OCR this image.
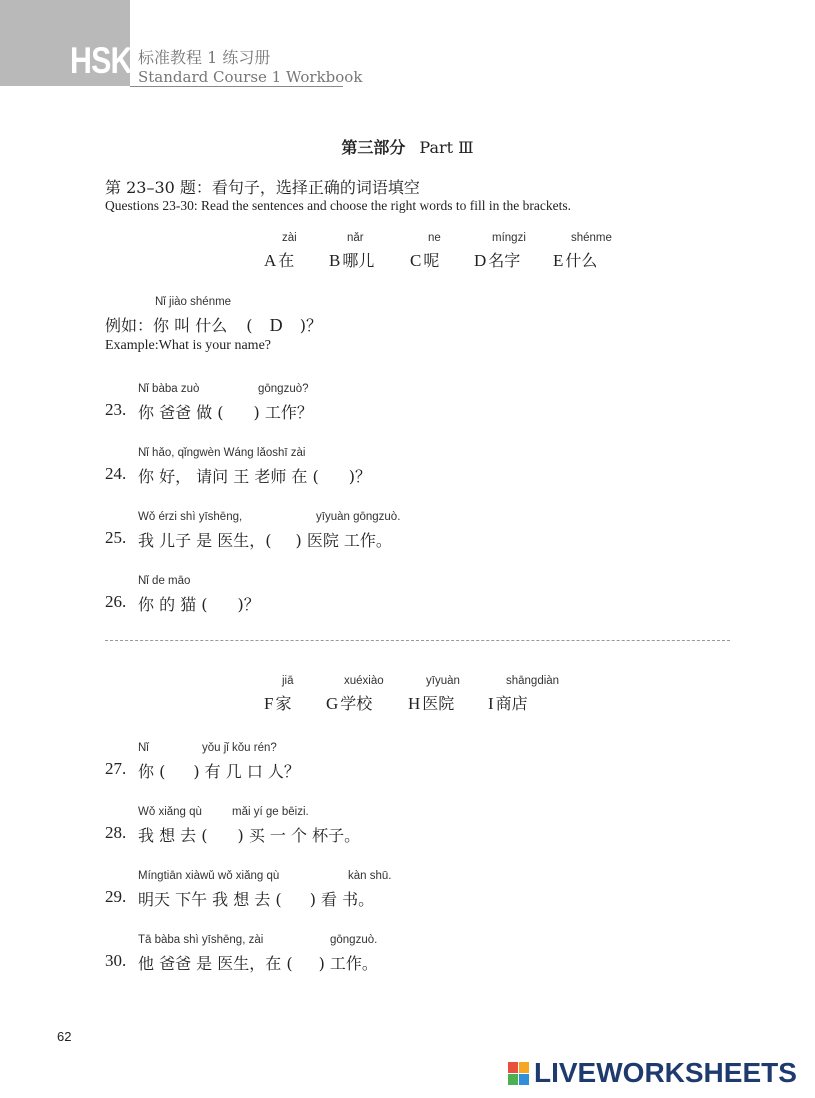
HSK 标准教程 1 练习册
Standard Course 1 Workbook
第三部分 Part Ⅲ
第 23–30 题：看句子，选择正确的词语填空
Questions 23-30: Read the sentences and choose the right words to fill in the brackets.
zài
A 在
nǎr
B 哪儿
ne
C 呢
míngzi
D 名字
shénme
E 什么
Nǐ jiào shénme
例如：你 叫 什么 ( D )？
Example:What is your name?
Nǐ bàba zuò	gōngzuò?
23. 你 爸爸 做 ( ) 工作？
Nǐ hǎo, qǐngwèn Wáng lǎoshī zài
24. 你 好， 请问 王 老师 在 ( )？
Wǒ érzi shì yīshēng,	yīyuàn gōngzuò.
25. 我 儿子 是 医生，( ) 医院 工作。
Nǐ de māo
26. 你 的 猫 ( )？
jiā
F 家
xuéxiào
G 学校
yīyuàn
H 医院
shāngdiàn
I 商店
Nǐ	yǒu jǐ kǒu rén?
27. 你 ( ) 有 几 口 人？
Wǒ xiǎng qù	mǎi yí ge bēizi.
28. 我 想 去 ( ) 买 一 个 杯子。
Míngtiān xiàwǔ wǒ xiǎng qù	kàn shū.
29. 明天 下午 我 想 去 ( ) 看 书。
Tā bàba shì yīshēng, zài	gōngzuò.
30. 他 爸爸 是 医生，在 ( ) 工作。
62
LIVEWORKSHEETS
